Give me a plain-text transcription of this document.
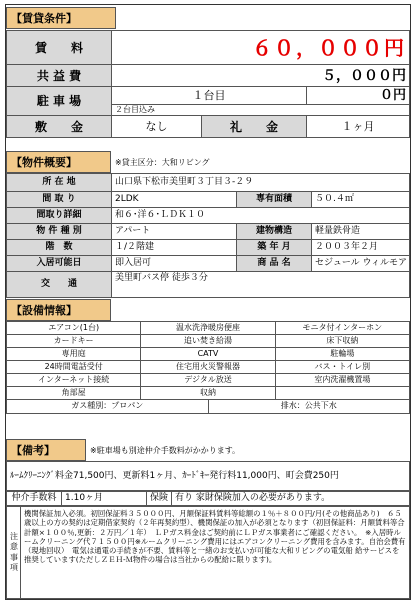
【賃貸条件】
賃　　料	６０，０００円		
共 益 費	５，０００円		
駐 車 場	１台目		０円
	２台目込み		
敷　　金	なし	礼　　金	１ヶ月
【物件概要】	※貸主区分：大和リビング
所 在 地	山口県下松市美里町３丁目３-２９		
間 取 り	2LDK	専有面積	５０.４㎡
間取り詳細	和６･洋６･ＬＤＫ１０		
物 件 種 別	アパート	建物構造	軽量鉄骨造
階　数	１/２階建	築 年 月	２００３年２月
入居可能日	即入居可	商 品 名	セジュール ウィルモア
交　　通	美里町バス停 徒歩３分		
【設備情報】
エアコン(1台)	温水洗浄暖房便座	モニタ付インターホン
カードキー	追い焚き給湯	床下収納
専用庭	CATV	駐輪場
24時間電話受付	住宅用火災警報器	バス・トイレ別
インターネット接続	デジタル放送	室内洗濯機置場
角部屋	収納	
ガス種別：プロパン	排水：公共下水
【備考】	※駐車場も別途仲介手数料がかかります。
ﾙｰﾑｸﾘｰﾆﾝｸﾞ料金71,500円、更新料1ヶ月、ｶｰﾄﾞｷｰ発行料11,000円、町会費250円
仲介手数料	1.10ヶ月	保険	有り 家財保険加入の必要があります。
注
意
事
項	機関保証加入必須。初回保証料３５０００円、月額保証料賃料等総額の１％＋８００円/月(その他商品あり)　６５歳以上の方の契約は定期借家契約（２年再契約型）、機関保証の加入が必須となります（初回保証料：月額賃料等合計額×１００％,更新：２万円／１年）　ＬＰガス料金はご契約前にＬＰガス事業者にご確認ください。　※入居時ルームクリーニング代７１５００円※ルームクリーニング費用にはエアコンクリーニング費用を含みます。自治会費有（現地回収）　電気は通電の手続きが不要、賃料等と一緒のお支払いが可能な大和リビングの電気船 給サービスを推奨しています(ただしＺＥＨ-Ｍ物件の場合は当社からの配給に限ります)。
